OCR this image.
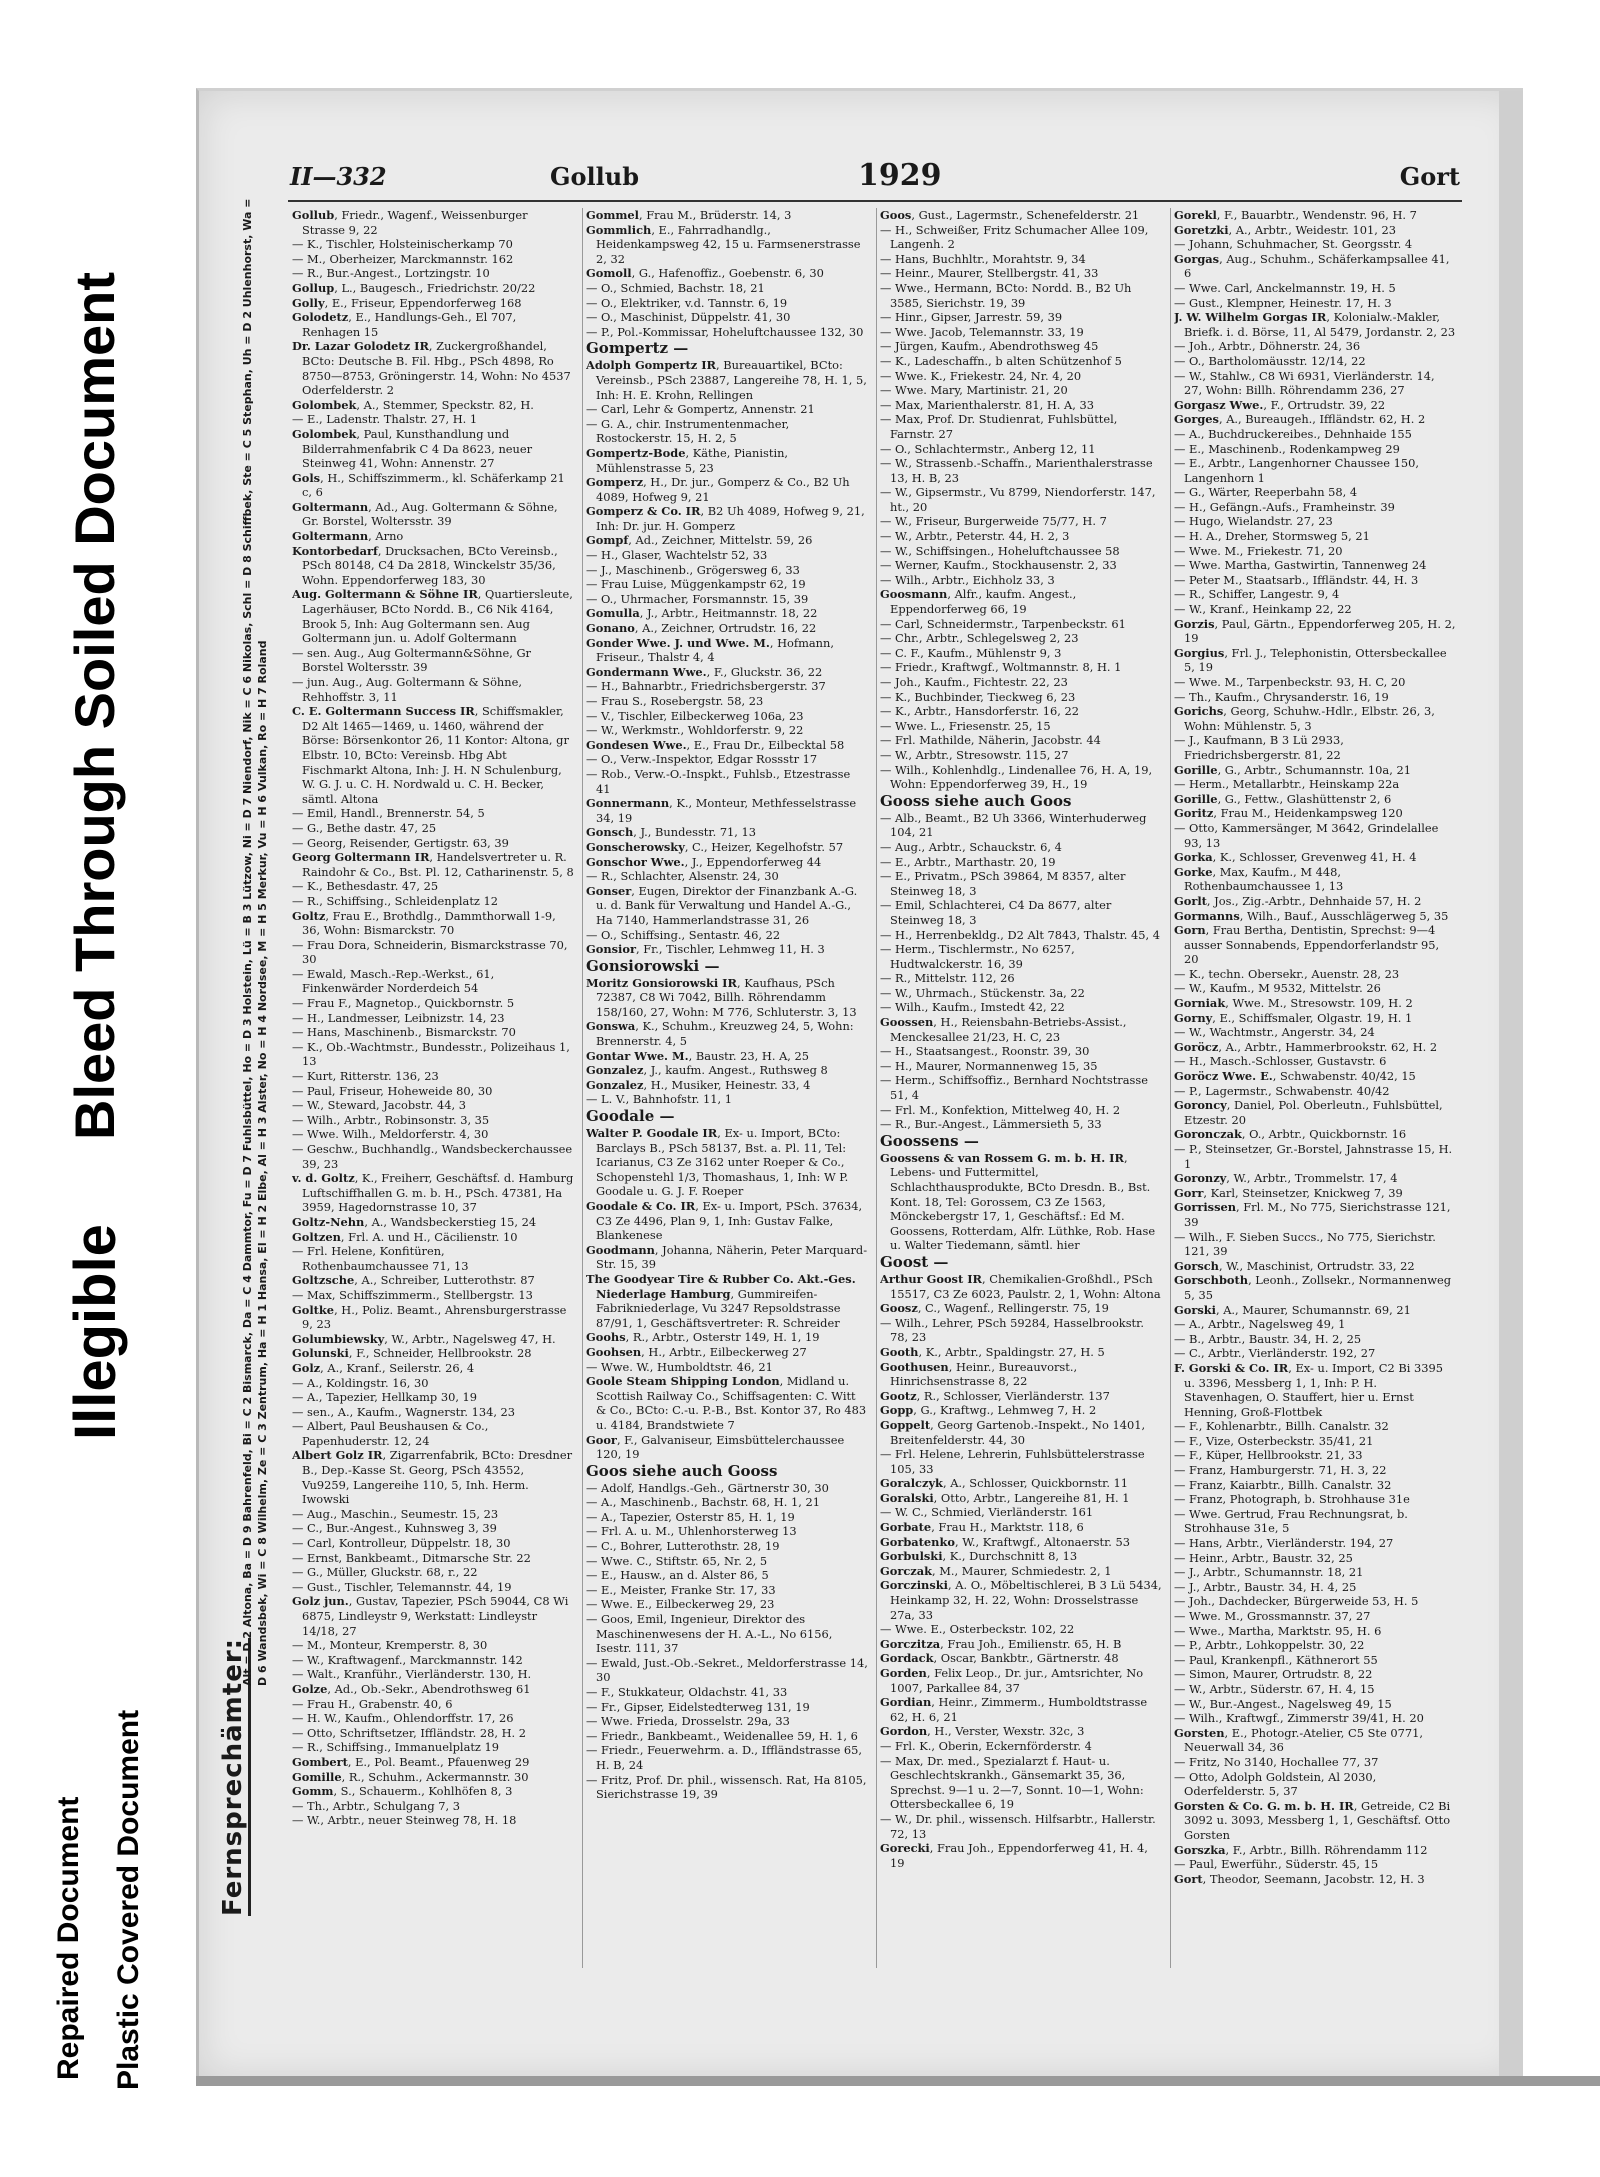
Repaired Document Plastic Covered Document
Illegible
Bleed Through Soiled Document
Fernsprechämter:
Alt = D 2 Altona, Ba = D 9 Bahrenfeld, Bi = C 2 Bismarck, Da = C 4 Dammtor, Fu = D 7 Fuhlsbüttel, Ho = D 3 Holstein, Lü = B 3 Lützow, Ni = D 7 Niendorf, Nik = C 6 Nikolas, Schl = D 8 Schiffbek, Ste = C 5 Stephan, Uh = D 2 Uhlenhorst, Wa = D 6 Wandsbek, Wi = C 8 Wilhelm, Ze = C 3 Zentrum, Ha = H 1 Hansa, El = H 2 Elbe, Al = H 3 Alster, No = H 4 Nordsee, M = H 5 Merkur, Vu = H 6 Vulkan, Ro = H 7 Roland
II—332	Gollub	1929	Gort

Gollub, Friedr., Wagenf., Weissenburger Strasse 9, 22

— K., Tischler, Holsteinischerkamp 70

— M., Oberheizer, Marckmannstr. 162

— R., Bur.-Angest., Lortzingstr. 10

Gollup, L., Baugesch., Friedrichstr. 20/22

Golly, E., Friseur, Eppendorferweg 168

Golodetz, E., Handlungs-Geh., El 707, Renhagen 15

Dr. Lazar Golodetz IR, Zuckergroßhandel, BCto: Deutsche B. Fil. Hbg., PSch 4898, Ro 8750—8753, Gröningerstr. 14, Wohn: No 4537 Oderfelderstr. 2

Golombek, A., Stemmer, Speckstr. 82, H.

— E., Ladenstr. Thalstr. 27, H. 1

Golombek, Paul, Kunsthandlung und Bilderrahmenfabrik C 4 Da 8623, neuer Steinweg 41, Wohn: Annenstr. 27

Gols, H., Schiffszimmerm., kl. Schäferkamp 21 c, 6

Goltermann, Ad., Aug. Goltermann & Söhne, Gr. Borstel, Woltersstr. 39

Goltermann, Arno

Kontorbedarf, Drucksachen, BCto Vereinsb., PSch 80148, C4 Da 2818, Winckelstr 35/36, Wohn. Eppendorferweg 183, 30

Aug. Goltermann & Söhne IR, Quartiersleute, Lagerhäuser, BCto Nordd. B., C6 Nik 4164, Brook 5, Inh: Aug Goltermann sen. Aug Goltermann jun. u. Adolf Goltermann

— sen. Aug., Aug Goltermann&Söhne, Gr Borstel Woltersstr. 39

— jun. Aug., Aug. Goltermann & Söhne, Rehhoffstr. 3, 11

C. E. Goltermann Success IR, Schiffsmakler, D2 Alt 1465—1469, u. 1460, während der Börse: Börsenkontor 26, 11 Kontor: Altona, gr Elbstr. 10, BCto: Vereinsb. Hbg Abt Fischmarkt Altona, Inh: J. H. N Schulenburg, W. G. J. u. C. H. Nordwald u. C. H. Becker, sämtl. Altona

— Emil, Handl., Brennerstr. 54, 5

— G., Bethe dastr. 47, 25

— Georg, Reisender, Gertigstr. 63, 39

Georg Goltermann IR, Handelsvertreter u. R. Raindohr & Co., Bst. Pl. 12, Catharinenstr. 5, 8

— K., Bethesdastr. 47, 25

— R., Schiffsing., Schleidenplatz 12

Goltz, Frau E., Brothdlg., Dammthorwall 1-9, 36, Wohn: Bismarckstr. 70

— Frau Dora, Schneiderin, Bismarckstrasse 70, 30

— Ewald, Masch.-Rep.-Werkst., 61, Finkenwärder Norderdeich 54

— Frau F., Magnetop., Quickbornstr. 5

— H., Landmesser, Leibnizstr. 14, 23

— Hans, Maschinenb., Bismarckstr. 70

— K., Ob.-Wachtmstr., Bundesstr., Polizeihaus 1, 13

— Kurt, Ritterstr. 136, 23

— Paul, Friseur, Hoheweide 80, 30

— W., Steward, Jacobstr. 44, 3

— Wilh., Arbtr., Robinsonstr. 3, 35

— Wwe. Wilh., Meldorferstr. 4, 30

— Geschw., Buchhandlg., Wandsbeckerchaussee 39, 23

v. d. Goltz, K., Freiherr, Geschäftsf. d. Hamburg Luftschiffhallen G. m. b. H., PSch. 47381, Ha 3959, Hagedornstrasse 10, 37

Goltz-Nehn, A., Wandsbeckerstieg 15, 24

Goltzen, Frl. A. und H., Cäcilienstr. 10

— Frl. Helene, Konfitüren, Rothenbaumchaussee 71, 13

Goltzsche, A., Schreiber, Lutterothstr. 87

— Max, Schiffszimmerm., Stellbergstr. 13

Goltke, H., Poliz. Beamt., Ahrensburgerstrasse 9, 23

Golumbiewsky, W., Arbtr., Nagelsweg 47, H.

Golunski, F., Schneider, Hellbrookstr. 28

Golz, A., Kranf., Seilerstr. 26, 4

— A., Koldingstr. 16, 30

— A., Tapezier, Hellkamp 30, 19

— sen., A., Kaufm., Wagnerstr. 134, 23

— Albert, Paul Beushausen & Co., Papenhuderstr. 12, 24

Albert Golz IR, Zigarrenfabrik, BCto: Dresdner B., Dep.-Kasse St. Georg, PSch 43552, Vu9259, Langereihe 110, 5, Inh. Herm. Iwowski

— Aug., Maschin., Seumestr. 15, 23

— C., Bur.-Angest., Kuhnsweg 3, 39

— Carl, Kontrolleur, Düppelstr. 18, 30

— Ernst, Bankbeamt., Ditmarsche Str. 22

— G., Müller, Gluckstr. 68, r., 22

— Gust., Tischler, Telemannstr. 44, 19

Golz jun., Gustav, Tapezier, PSch 59044, C8 Wi 6875, Lindleystr 9, Werkstatt: Lindleystr 14/18, 27

— M., Monteur, Kremperstr. 8, 30

— W., Kraftwagenf., Marckmannstr. 142

— Walt., Kranführ., Vierländerstr. 130, H.

Golze, Ad., Ob.-Sekr., Abendrothsweg 61

— Frau H., Grabenstr. 40, 6

— H. W., Kaufm., Ohlendorffstr. 17, 26

— Otto, Schriftsetzer, Iffländstr. 28, H. 2

— R., Schiffsing., Immanuelplatz 19

Gombert, E., Pol. Beamt., Pfauenweg 29

Gomille, R., Schuhm., Ackermannstr. 30

Gomm, S., Schauerm., Kohlhöfen 8, 3

— Th., Arbtr., Schulgang 7, 3

— W., Arbtr., neuer Steinweg 78, H. 18

Gommel, Frau M., Brüderstr. 14, 3

Gommlich, E., Fahrradhandlg., Heidenkampsweg 42, 15 u. Farmsenerstrasse 2, 32

Gomoll, G., Hafenoffiz., Goebenstr. 6, 30

— O., Schmied, Bachstr. 18, 21

— O., Elektriker, v.d. Tannstr. 6, 19

— O., Maschinist, Düppelstr. 41, 30

— P., Pol.-Kommissar, Hoheluftchaussee 132, 30

Gompertz —

Adolph Gompertz IR, Bureauartikel, BCto: Vereinsb., PSch 23887, Langereihe 78, H. 1, 5, Inh: H. E. Krohn, Rellingen

— Carl, Lehr & Gompertz, Annenstr. 21

— G. A., chir. Instrumentenmacher, Rostockerstr. 15, H. 2, 5

Gompertz-Bode, Käthe, Pianistin, Mühlenstrasse 5, 23

Gomperz, H., Dr. jur., Gomperz & Co., B2 Uh 4089, Hofweg 9, 21

Gomperz & Co. IR, B2 Uh 4089, Hofweg 9, 21, Inh: Dr. jur. H. Gomperz

Gompf, Ad., Zeichner, Mittelstr. 59, 26

— H., Glaser, Wachtelstr 52, 33

— J., Maschinenb., Grögersweg 6, 33

— Frau Luise, Müggenkampstr 62, 19

— O., Uhrmacher, Forsmannstr. 15, 39

Gomulla, J., Arbtr., Heitmannstr. 18, 22

Gonano, A., Zeichner, Ortrudstr. 16, 22

Gonder Wwe. J. und Wwe. M., Hofmann, Friseur., Thalstr 4, 4

Gondermann Wwe., F., Gluckstr. 36, 22

— H., Bahnarbtr., Friedrichsbergerstr. 37

— Frau S., Rosebergstr. 58, 23

— V., Tischler, Eilbeckerweg 106a, 23

— W., Werkmstr., Wohldorferstr. 9, 22

Gondesen Wwe., E., Frau Dr., Eilbecktal 58

— O., Verw.-Inspektor, Edgar Rossstr 17

— Rob., Verw.-O.-Inspkt., Fuhlsb., Etzestrasse 41

Gonnermann, K., Monteur, Methfesselstrasse 34, 19

Gonsch, J., Bundesstr. 71, 13

Gonscherowsky, C., Heizer, Kegelhofstr. 57

Gonschor Wwe., J., Eppendorferweg 44

— R., Schlachter, Alsenstr. 24, 30

Gonser, Eugen, Direktor der Finanzbank A.-G. u. d. Bank für Verwaltung und Handel A.-G., Ha 7140, Hammerlandstrasse 31, 26

— O., Schiffsing., Sentastr. 46, 22

Gonsior, Fr., Tischler, Lehmweg 11, H. 3

Gonsiorowski —

Moritz Gonsiorowski IR, Kaufhaus, PSch 72387, C8 Wi 7042, Billh. Röhrendamm 158/160, 27, Wohn: M 776, Schluterstr. 3, 13

Gonswa, K., Schuhm., Kreuzweg 24, 5, Wohn: Brennerstr. 4, 5

Gontar Wwe. M., Baustr. 23, H. A, 25

Gonzalez, J., kaufm. Angest., Ruthsweg 8

Gonzalez, H., Musiker, Heinestr. 33, 4

— L. V., Bahnhofstr. 11, 1

Goodale —

Walter P. Goodale IR, Ex- u. Import, BCto: Barclays B., PSch 58137, Bst. a. Pl. 11, Tel: Icarianus, C3 Ze 3162 unter Roeper & Co., Schopenstehl 1/3, Thomashaus, 1, Inh: W P. Goodale u. G. J. F. Roeper

Goodale & Co. IR, Ex- u. Import, PSch. 37634, C3 Ze 4496, Plan 9, 1, Inh: Gustav Falke, Blankenese

Goodmann, Johanna, Näherin, Peter Marquard-Str. 15, 39

The Goodyear Tire & Rubber Co. Akt.-Ges. Niederlage Hamburg, Gummireifen-Fabrikniederlage, Vu 3247 Repsoldstrasse 87/91, 1, Geschäftsvertreter: R. Schreider

Goohs, R., Arbtr., Osterstr 149, H. 1, 19

Goohsen, H., Arbtr., Eilbeckerweg 27

— Wwe. W., Humboldtstr. 46, 21

Goole Steam Shipping London, Midland u. Scottish Railway Co., Schiffsagenten: C. Witt & Co., BCto: C.-u. P.-B., Bst. Kontor 37, Ro 483 u. 4184, Brandstwiete 7

Goor, F., Galvaniseur, Eimsbüttelerchaussee 120, 19

Goos siehe auch Gooss

— Adolf, Handlgs.-Geh., Gärtnerstr 30, 30

— A., Maschinenb., Bachstr. 68, H. 1, 21

— A., Tapezier, Osterstr 85, H. 1, 19

— Frl. A. u. M., Uhlenhorsterweg 13

— C., Bohrer, Lutterothstr. 28, 19

— Wwe. C., Stiftstr. 65, Nr. 2, 5

— E., Hausw., an d. Alster 86, 5

— E., Meister, Franke Str. 17, 33

— Wwe. E., Eilbeckerweg 29, 23

— Goos, Emil, Ingenieur, Direktor des Maschinenwesens der H. A.-L., No 6156, Isestr. 111, 37

— Ewald, Just.-Ob.-Sekret., Meldorferstrasse 14, 30

— F., Stukkateur, Oldachstr. 41, 33

— Fr., Gipser, Eidelstedterweg 131, 19

— Wwe. Frieda, Drosselstr. 29a, 33

— Friedr., Bankbeamt., Weidenallee 59, H. 1, 6

— Friedr., Feuerwehrm. a. D., Iffländstrasse 65, H. B, 24

— Fritz, Prof. Dr. phil., wissensch. Rat, Ha 8105, Sierichstrasse 19, 39

Goos, Gust., Lagermstr., Schenefelderstr. 21

— H., Schweißer, Fritz Schumacher Allee 109, Langenh. 2

— Hans, Buchhltr., Morahtstr. 9, 34

— Heinr., Maurer, Stellbergstr. 41, 33

— Wwe., Hermann, BCto: Nordd. B., B2 Uh 3585, Sierichstr. 19, 39

— Hinr., Gipser, Jarrestr. 59, 39

— Wwe. Jacob, Telemannstr. 33, 19

— Jürgen, Kaufm., Abendrothsweg 45

— K., Ladeschaffn., b alten Schützenhof 5

— Wwe. K., Friekestr. 24, Nr. 4, 20

— Wwe. Mary, Martinistr. 21, 20

— Max, Marienthalerstr. 81, H. A, 33

— Max, Prof. Dr. Studienrat, Fuhlsbüttel, Farnstr. 27

— O., Schlachtermstr., Anberg 12, 11

— W., Strassenb.-Schaffn., Marienthalerstrasse 13, H. B, 23

— W., Gipsermstr., Vu 8799, Niendorferstr. 147, ht., 20

— W., Friseur, Burgerweide 75/77, H. 7

— W., Arbtr., Peterstr. 44, H. 2, 3

— W., Schiffsingen., Hoheluftchaussee 58

— Werner, Kaufm., Stockhausenstr. 2, 33

— Wilh., Arbtr., Eichholz 33, 3

Goosmann, Alfr., kaufm. Angest., Eppendorferweg 66, 19

— Carl, Schneidermstr., Tarpenbeckstr. 61

— Chr., Arbtr., Schlegelsweg 2, 23

— C. F., Kaufm., Mühlenstr 9, 3

— Friedr., Kraftwgf., Woltmannstr. 8, H. 1

— Joh., Kaufm., Fichtestr. 22, 23

— K., Buchbinder, Tieckweg 6, 23

— K., Arbtr., Hansdorferstr. 16, 22

— Wwe. L., Friesenstr. 25, 15

— Frl. Mathilde, Näherin, Jacobstr. 44

— W., Arbtr., Stresowstr. 115, 27

— Wilh., Kohlenhdlg., Lindenallee 76, H. A, 19, Wohn: Eppendorferweg 39, H., 19

Gooss siehe auch Goos

— Alb., Beamt., B2 Uh 3366, Winterhuderweg 104, 21

— Aug., Arbtr., Schauckstr. 6, 4

— E., Arbtr., Marthastr. 20, 19

— E., Privatm., PSch 39864, M 8357, alter Steinweg 18, 3

— Emil, Schlachterei, C4 Da 8677, alter Steinweg 18, 3

— H., Herrenbekldg., D2 Alt 7843, Thalstr. 45, 4

— Herm., Tischlermstr., No 6257, Hudtwalckerstr. 16, 39

— R., Mittelstr. 112, 26

— W., Uhrmach., Stückenstr. 3a, 22

— Wilh., Kaufm., Imstedt 42, 22

Goossen, H., Reiensbahn-Betriebs-Assist., Menckesallee 21/23, H. C, 23

— H., Staatsangest., Roonstr. 39, 30

— H., Maurer, Normannenweg 15, 35

— Herm., Schiffsoffiz., Bernhard Nochtstrasse 51, 4

— Frl. M., Konfektion, Mittelweg 40, H. 2

— R., Bur.-Angest., Lämmersieth 5, 33

Goossens —

Goossens & van Rossem G. m. b. H. IR, Lebens- und Futtermittel, Schlachthausprodukte, BCto Dresdn. B., Bst. Kont. 18, Tel: Gorossem, C3 Ze 1563, Mönckebergstr 17, 1, Geschäftsf.: Ed M. Goossens, Rotterdam, Alfr. Lüthke, Rob. Hase u. Walter Tiedemann, sämtl. hier

Goost —

Arthur Goost IR, Chemikalien-Großhdl., PSch 15517, C3 Ze 6023, Paulstr. 2, 1, Wohn: Altona

Goosz, C., Wagenf., Rellingerstr. 75, 19

— Wilh., Lehrer, PSch 59284, Hasselbrookstr. 78, 23

Gooth, K., Arbtr., Spaldingstr. 27, H. 5

Goothusen, Heinr., Bureauvorst., Hinrichsenstrasse 8, 22

Gootz, R., Schlosser, Vierländerstr. 137

Gopp, G., Kraftwg., Lehmweg 7, H. 2

Goppelt, Georg Gartenob.-Inspekt., No 1401, Breitenfelderstr. 44, 30

— Frl. Helene, Lehrerin, Fuhlsbüttelerstrasse 105, 33

Goralczyk, A., Schlosser, Quickbornstr. 11

Goralski, Otto, Arbtr., Langereihe 81, H. 1

— W. C., Schmied, Vierländerstr. 161

Gorbate, Frau H., Marktstr. 118, 6

Gorbatenko, W., Kraftwgf., Altonaerstr. 53

Gorbulski, K., Durchschnitt 8, 13

Gorczak, M., Maurer, Schmiedestr. 2, 1

Gorczinski, A. O., Möbeltischlerei, B 3 Lü 5434, Heinkamp 32, H. 22, Wohn: Drosselstrasse 27a, 33

— Wwe. E., Osterbeckstr. 102, 22

Gorczitza, Frau Joh., Emilienstr. 65, H. B

Gordack, Oscar, Bankbtr., Gärtnerstr. 48

Gorden, Felix Leop., Dr. jur., Amtsrichter, No 1007, Parkallee 84, 37

Gordian, Heinr., Zimmerm., Humboldtstrasse 62, H. 6, 21

Gordon, H., Verster, Wexstr. 32c, 3

— Frl. K., Oberin, Eckernförderstr. 4

— Max, Dr. med., Spezialarzt f. Haut- u. Geschlechtskrankh., Gänsemarkt 35, 36, Sprechst. 9—1 u. 2—7, Sonnt. 10—1, Wohn: Ottersbeckallee 6, 19

— W., Dr. phil., wissensch. Hilfsarbtr., Hallerstr. 72, 13

Gorecki, Frau Joh., Eppendorferweg 41, H. 4, 19

Gorekl, F., Bauarbtr., Wendenstr. 96, H. 7

Goretzki, A., Arbtr., Weidestr. 101, 23

— Johann, Schuhmacher, St. Georgsstr. 4

Gorgas, Aug., Schuhm., Schäferkampsallee 41, 6

— Wwe. Carl, Anckelmannstr. 19, H. 5

— Gust., Klempner, Heinestr. 17, H. 3

J. W. Wilhelm Gorgas IR, Kolonialw.-Makler, Briefk. i. d. Börse, 11, Al 5479, Jordanstr. 2, 23

— Joh., Arbtr., Döhnerstr. 24, 36

— O., Bartholomäusstr. 12/14, 22

— W., Stahlw., C8 Wi 6931, Vierländerstr. 14, 27, Wohn: Billh. Röhrendamm 236, 27

Gorgasz Wwe., F., Ortrudstr. 39, 22

Gorges, A., Bureaugeh., Iffländstr. 62, H. 2

— A., Buchdruckereibes., Dehnhaide 155

— E., Maschinenb., Rodenkampweg 29

— E., Arbtr., Langenhorner Chaussee 150, Langenhorn 1

— G., Wärter, Reeperbahn 58, 4

— H., Gefängn.-Aufs., Framheinstr. 39

— Hugo, Wielandstr. 27, 23

— H. A., Dreher, Stormsweg 5, 21

— Wwe. M., Friekestr. 71, 20

— Wwe. Martha, Gastwirtin, Tannenweg 24

— Peter M., Staatsarb., Iffländstr. 44, H. 3

— R., Schiffer, Langestr. 9, 4

— W., Kranf., Heinkamp 22, 22

Gorzis, Paul, Gärtn., Eppendorferweg 205, H. 2, 19

Gorgius, Frl. J., Telephonistin, Ottersbeckallee 5, 19

— Wwe. M., Tarpenbeckstr. 93, H. C, 20

— Th., Kaufm., Chrysanderstr. 16, 19

Gorichs, Georg, Schuhw.-Hdlr., Elbstr. 26, 3, Wohn: Mühlenstr. 5, 3

— J., Kaufmann, B 3 Lü 2933, Friedrichsbergerstr. 81, 22

Gorille, G., Arbtr., Schumannstr. 10a, 21

— Herm., Metallarbtr., Heinskamp 22a

Gorille, G., Fettw., Glashüttenstr 2, 6

Goritz, Frau M., Heidenkampsweg 120

— Otto, Kammersänger, M 3642, Grindelallee 93, 13

Gorka, K., Schlosser, Grevenweg 41, H. 4

Gorke, Max, Kaufm., M 448, Rothenbaumchaussee 1, 13

Gorlt, Jos., Zig.-Arbtr., Dehnhaide 57, H. 2

Gormanns, Wilh., Bauf., Ausschlägerweg 5, 35

Gorn, Frau Bertha, Dentistin, Sprechst: 9—4 ausser Sonnabends, Eppendorferlandstr 95, 20

— K., techn. Obersekr., Auenstr. 28, 23

— W., Kaufm., M 9532, Mittelstr. 26

Gorniak, Wwe. M., Stresowstr. 109, H. 2

Gorny, E., Schiffsmaler, Olgastr. 19, H. 1

— W., Wachtmstr., Angerstr. 34, 24

Goröcz, A., Arbtr., Hammerbrookstr. 62, H. 2

— H., Masch.-Schlosser, Gustavstr. 6

Goröcz Wwe. E., Schwabenstr. 40/42, 15

— P., Lagermstr., Schwabenstr. 40/42

Goroncy, Daniel, Pol. Oberleutn., Fuhlsbüttel, Etzestr. 20

Goronczak, O., Arbtr., Quickbornstr. 16

— P., Steinsetzer, Gr.-Borstel, Jahnstrasse 15, H. 1

Goronzy, W., Arbtr., Trommelstr. 17, 4

Gorr, Karl, Steinsetzer, Knickweg 7, 39

Gorrissen, Frl. M., No 775, Sierichstrasse 121, 39

— Wilh., F. Sieben Succs., No 775, Sierichstr. 121, 39

Gorsch, W., Maschinist, Ortrudstr. 33, 22

Gorschboth, Leonh., Zollsekr., Normannenweg 5, 35

Gorski, A., Maurer, Schumannstr. 69, 21

— A., Arbtr., Nagelsweg 49, 1

— B., Arbtr., Baustr. 34, H. 2, 25

— C., Arbtr., Vierländerstr. 192, 27

F. Gorski & Co. IR, Ex- u. Import, C2 Bi 3395 u. 3396, Messberg 1, 1, Inh: P. H. Stavenhagen, O. Stauffert, hier u. Ernst Henning, Groß-Flottbek

— F., Kohlenarbtr., Billh. Canalstr. 32

— F., Vize, Osterbeckstr. 35/41, 21

— F., Küper, Hellbrookstr. 21, 33

— Franz, Hamburgerstr. 71, H. 3, 22

— Franz, Kaiarbtr., Billh. Canalstr. 32

— Franz, Photograph, b. Strohhause 31e

— Wwe. Gertrud, Frau Rechnungsrat, b. Strohhause 31e, 5

— Hans, Arbtr., Vierländerstr. 194, 27

— Heinr., Arbtr., Baustr. 32, 25

— J., Arbtr., Schumannstr. 18, 21

— J., Arbtr., Baustr. 34, H. 4, 25

— Joh., Dachdecker, Bürgerweide 53, H. 5

— Wwe. M., Grossmannstr. 37, 27

— Wwe., Martha, Marktstr. 95, H. 6

— P., Arbtr., Lohkoppelstr. 30, 22

— Paul, Krankenpfl., Käthnerort 55

— Simon, Maurer, Ortrudstr. 8, 22

— W., Arbtr., Süderstr. 67, H. 4, 15

— W., Bur.-Angest., Nagelsweg 49, 15

— Wilh., Kraftwgf., Zimmerstr 39/41, H. 20

Gorsten, E., Photogr.-Atelier, C5 Ste 0771, Neuerwall 34, 36

— Fritz, No 3140, Hochallee 77, 37

— Otto, Adolph Goldstein, Al 2030, Oderfelderstr. 5, 37

Gorsten & Co. G. m. b. H. IR, Getreide, C2 Bi 3092 u. 3093, Messberg 1, 1, Geschäftsf. Otto Gorsten

Gorszka, F., Arbtr., Billh. Röhrendamm 112

— Paul, Ewerführ., Süderstr. 45, 15

Gort, Theodor, Seemann, Jacobstr. 12, H. 3
